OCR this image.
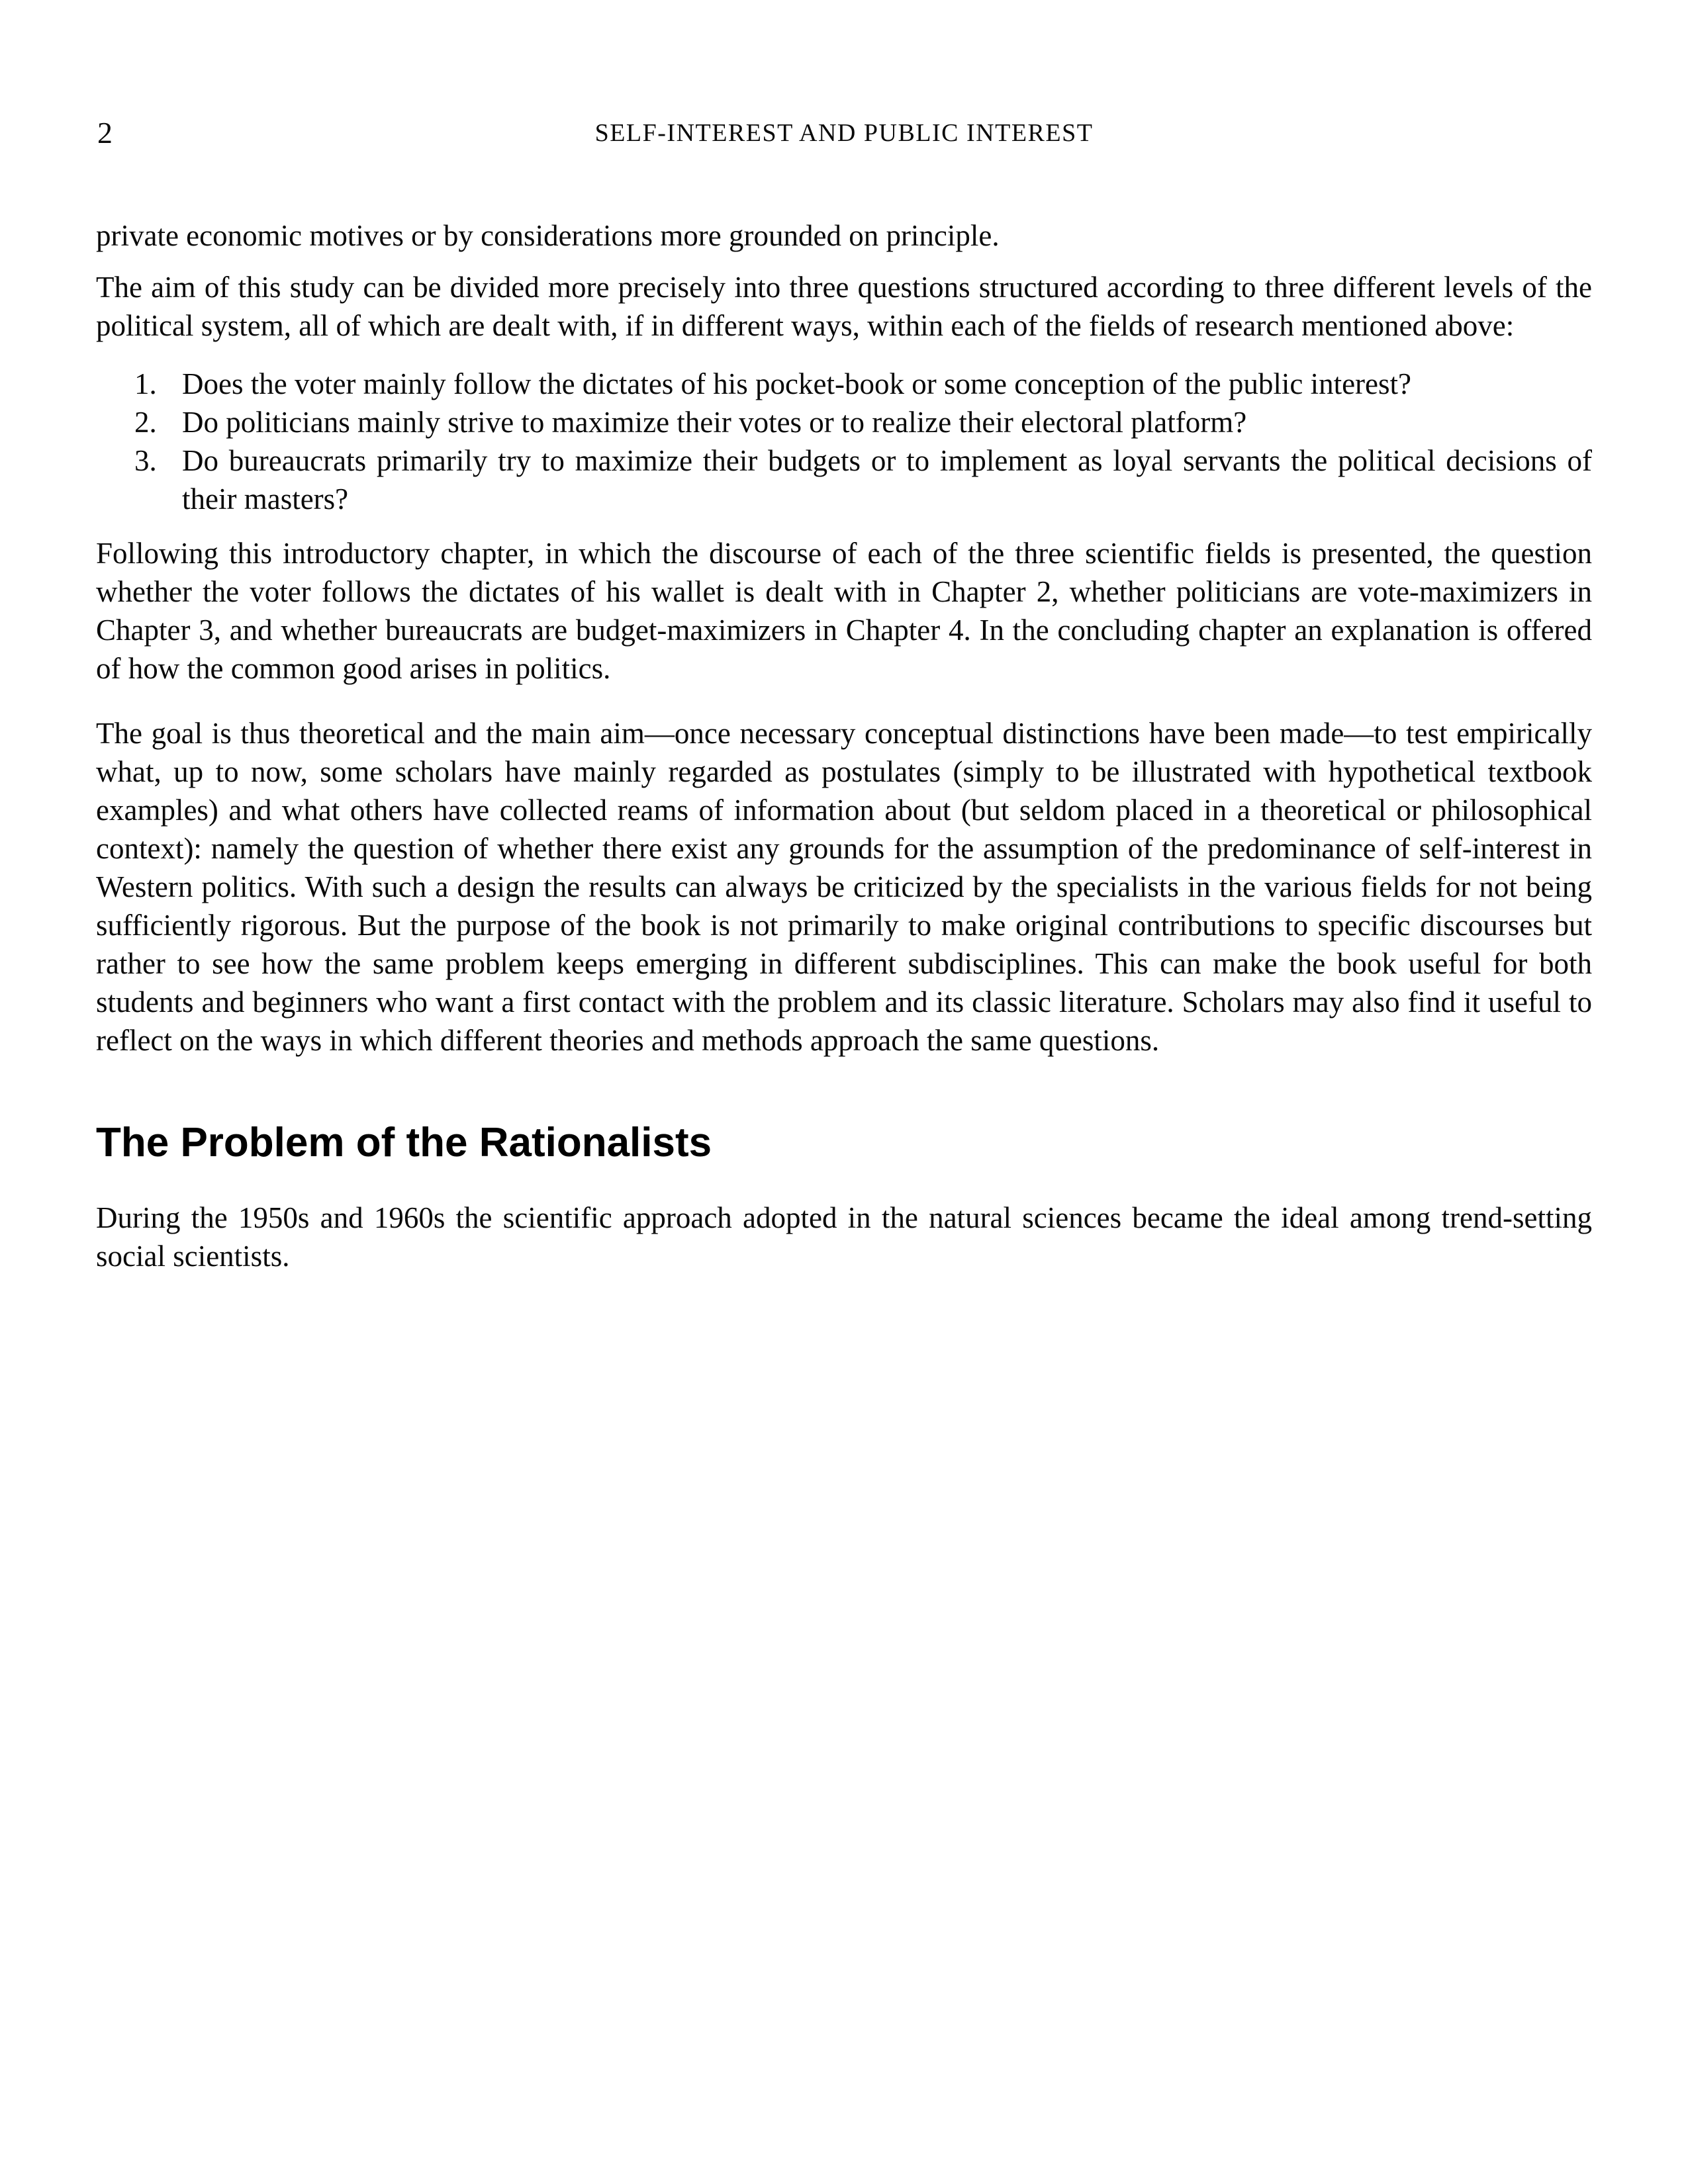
2	SELF-INTEREST AND PUBLIC INTEREST

private economic motives or by considerations more grounded on principle.

The aim of this study can be divided more precisely into three questions structured according to three different levels of the political system, all of which are dealt with, if in different ways, within each of the fields of research mentioned above:

1. Does the voter mainly follow the dictates of his pocket-book or some conception of the public interest?
2. Do politicians mainly strive to maximize their votes or to realize their electoral platform?
3. Do bureaucrats primarily try to maximize their budgets or to implement as loyal servants the political decisions of their masters?

Following this introductory chapter, in which the discourse of each of the three scientific fields is presented, the question whether the voter follows the dictates of his wallet is dealt with in Chapter 2, whether politicians are vote-maximizers in Chapter 3, and whether bureaucrats are budget-maximizers in Chapter 4. In the concluding chapter an explanation is offered of how the common good arises in politics.

The goal is thus theoretical and the main aim—once necessary conceptual distinctions have been made—to test empirically what, up to now, some scholars have mainly regarded as postulates (simply to be illustrated with hypothetical textbook examples) and what others have collected reams of information about (but seldom placed in a theoretical or philosophical context): namely the question of whether there exist any grounds for the assumption of the predominance of self-interest in Western politics. With such a design the results can always be criticized by the specialists in the various fields for not being sufficiently rigorous. But the purpose of the book is not primarily to make original contributions to specific discourses but rather to see how the same problem keeps emerging in different subdisciplines. This can make the book useful for both students and beginners who want a first contact with the problem and its classic literature. Scholars may also find it useful to reflect on the ways in which different theories and methods approach the same questions.

The Problem of the Rationalists

During the 1950s and 1960s the scientific approach adopted in the natural sciences became the ideal among trend-setting social scientists.
